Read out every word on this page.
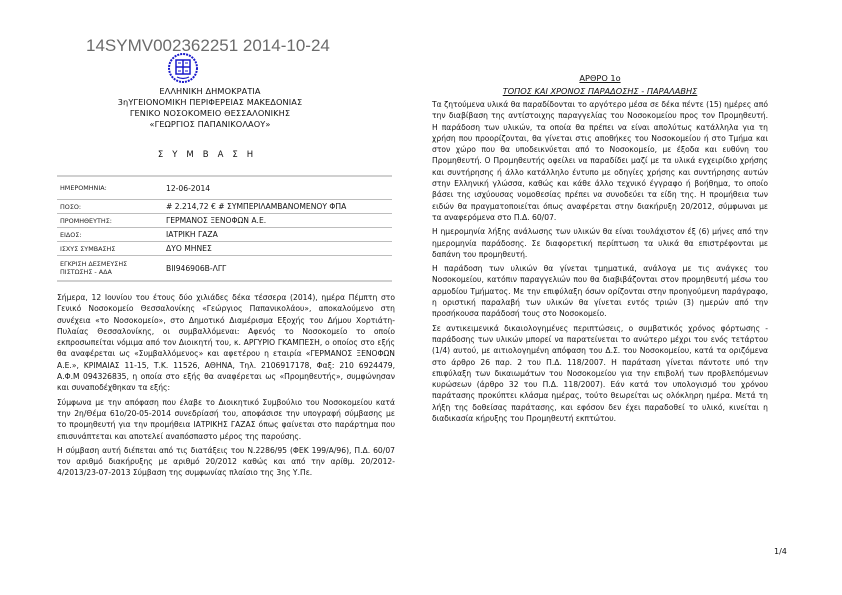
14SYMV002362251 2014-10-24
ΕΛΛΗΝΙΚΗ ΔΗΜΟΚΡΑΤΙΑ
3ηΥΓΕΙΟΝΟΜΙΚΗ ΠΕΡΙΦΕΡΕΙΑΣ ΜΑΚΕΔΟΝΙΑΣ
ΓΕΝΙΚΟ ΝΟΣΟΚΟΜΕΙΟ ΘΕΣΣΑΛΟΝΙΚΗΣ
«ΓΕΩΡΓΙΟΣ ΠΑΠΑΝΙΚΟΛΑΟΥ»
ΣΥΜΒΑΣΗ
ΗΜΕΡΟΜΗΝΙΑ:	12-06-2014
ΠΟΣΟ:	# 2.214,72 € # ΣΥΜΠΕΡΙΛΑΜΒΑΝΟΜΕΝΟΥ ΦΠΑ
ΠΡΟΜΗΘΕΥΤΗΣ:	ΓΕΡΜΑΝΟΣ ΞΕΝΟΦΩΝ Α.Ε.
ΕΙΔΟΣ:	ΙΑΤΡΙΚΗ ΓΑΖΑ
ΙΣΧΥΣ ΣΥΜΒΑΣΗΣ	ΔΥΟ ΜΗΝΕΣ
ΕΓΚΡΙΣΗ ΔΕΣΜΕΥΣΗΣ ΠΙΣΤΩΣΗΣ - ΑΔΑ	ΒΙΙ946906Β-ΛΓΓ

Σήμερα, 12 Ιουνίου του έτους δύο χιλιάδες δέκα τέσσερα (2014), ημέρα Πέμπτη στο Γενικό Νοσοκομείο Θεσσαλονίκης «Γεώργιος Παπανικολάου», αποκαλούμενο στη συνέχεια «το Νοσοκομείο», στο Δημοτικό Διαμέρισμα Εξοχής του Δήμου Χορτιάτη-Πυλαίας Θεσσαλονίκης, οι συμβαλλόμεναι: Αφενός το Νοσοκομείο το οποίο εκπροσωπείται νόμιμα από τον Διοικητή του, κ. ΑΡΓΥΡΙΟ ΓΚΑΜΠΕΣΗ, ο οποίος στο εξής θα αναφέρεται ως «Συμβαλλόμενος» και αφετέρου η εταιρία «ΓΕΡΜΑΝΟΣ ΞΕΝΟΦΩΝ Α.Ε.», ΚΡΙΜΑΙΑΣ 11-15, Τ.Κ. 11526, ΑΘΗΝΑ, Τηλ. 2106917178, Φαξ: 210 6924479, Α.Φ.Μ 094326835, η οποία στο εξής θα αναφέρεται ως «Προμηθευτής», συμφώνησαν και συναποδέχθηκαν τα εξής:

Σύμφωνα με την απόφαση που έλαβε το Διοικητικό Συμβούλιο του Νοσοκομείου κατά την 2η/Θέμα 61ο/20-05-2014 συνεδρίασή του, αποφάσισε την υπογραφή σύμβασης με το προμηθευτή για την προμήθεια ΙΑΤΡΙΚΗΣ ΓΑΖΑΣ όπως φαίνεται στο παράρτημα που επισυνάπτεται και αποτελεί αναπόσπαστο μέρος της παρούσης.

Η σύμβαση αυτή διέπεται από τις διατάξεις του Ν.2286/95 (ΦΕΚ 199/Α/96), Π.Δ. 60/07 τον αριθμό διακήρυξης με αριθμό 20/2012 καθώς και από την αρίθμ. 20/2012-4/2013/23-07-2013 Σύμβαση της συμφωνίας πλαίσιο της 3ης Υ.Πε.

ΑΡΘΡΟ 1ο
ΤΟΠΟΣ ΚΑΙ ΧΡΟΝΟΣ ΠΑΡΑΔΟΣΗΣ - ΠΑΡΑΛΑΒΗΣ

Τα ζητούμενα υλικά θα παραδίδονται το αργότερο μέσα σε δέκα πέντε (15) ημέρες από την διαβίβαση της αντίστοιχης παραγγελίας του Νοσοκομείου προς τον Προμηθευτή. Η παράδοση των υλικών, τα οποία θα πρέπει να είναι απολύτως κατάλληλα για τη χρήση που προορίζονται, θα γίνεται στις αποθήκες του Νοσοκομείου ή στο Τμήμα και στον χώρο που θα υποδεικνύεται από το Νοσοκομείο, με έξοδα και ευθύνη του Προμηθευτή. Ο Προμηθευτής οφείλει να παραδίδει μαζί με τα υλικά εγχειρίδιο χρήσης και συντήρησης ή άλλο κατάλληλο έντυπο με οδηγίες χρήσης και συντήρησης αυτών στην Ελληνική γλώσσα, καθώς και κάθε άλλο τεχνικό έγγραφο ή βοήθημα, το οποίο βάσει της ισχύουσας νομοθεσίας πρέπει να συνοδεύει τα είδη της. Η προμήθεια των ειδών θα πραγματοποιείται όπως αναφέρεται στην διακήρυξη 20/2012, σύμφωναι με τα αναφερόμενα στο Π.Δ. 60/07.

Η ημερομηνία λήξης ανάλωσης των υλικών θα είναι τουλάχιστον έξ (6) μήνες από την ημερομηνία παράδοσης. Σε διαφορετική περίπτωση τα υλικά θα επιστρέφονται με δαπάνη του προμηθευτή.

Η παράδοση των υλικών θα γίνεται τμηματικά, ανάλογα με τις ανάγκες του Νοσοκομείου, κατόπιν παραγγελιών που θα διαβιβάζονται στον προμηθευτή μέσω του αρμοδίου Τμήματος. Με την επιφύλαξη όσων ορίζονται στην προηγούμενη παράγραφο, η οριστική παραλαβή των υλικών θα γίνεται εντός τριών (3) ημερών από την προσήκουσα παράδοσή τους στο Νοσοκομείο.

Σε αντικειμενικά δικαιολογημένες περιπτώσεις, ο συμβατικός χρόνος φόρτωσης - παράδοσης των υλικών μπορεί να παρατείνεται το ανώτερο μέχρι του ενός τετάρτου (1/4) αυτού, με αιτιολογημένη απόφαση του Δ.Σ. του Νοσοκομείου, κατά τα οριζόμενα στο άρθρο 26 παρ. 2 του Π.Δ. 118/2007. Η παράταση γίνεται πάντοτε υπό την επιφύλαξη των δικαιωμάτων του Νοσοκομείου για την επιβολή των προβλεπόμενων κυρώσεων (άρθρο 32 του Π.Δ. 118/2007). Εάν κατά τον υπολογισμό του χρόνου παράτασης προκύπτει κλάσμα ημέρας, τούτο θεωρείται ως ολόκληρη ημέρα. Μετά τη λήξη της δοθείσας παράτασης, και εφόσον δεν έχει παραδοθεί το υλικό, κινείται η διαδικασία κήρυξης του Προμηθευτή εκπτώτου.

1/4
